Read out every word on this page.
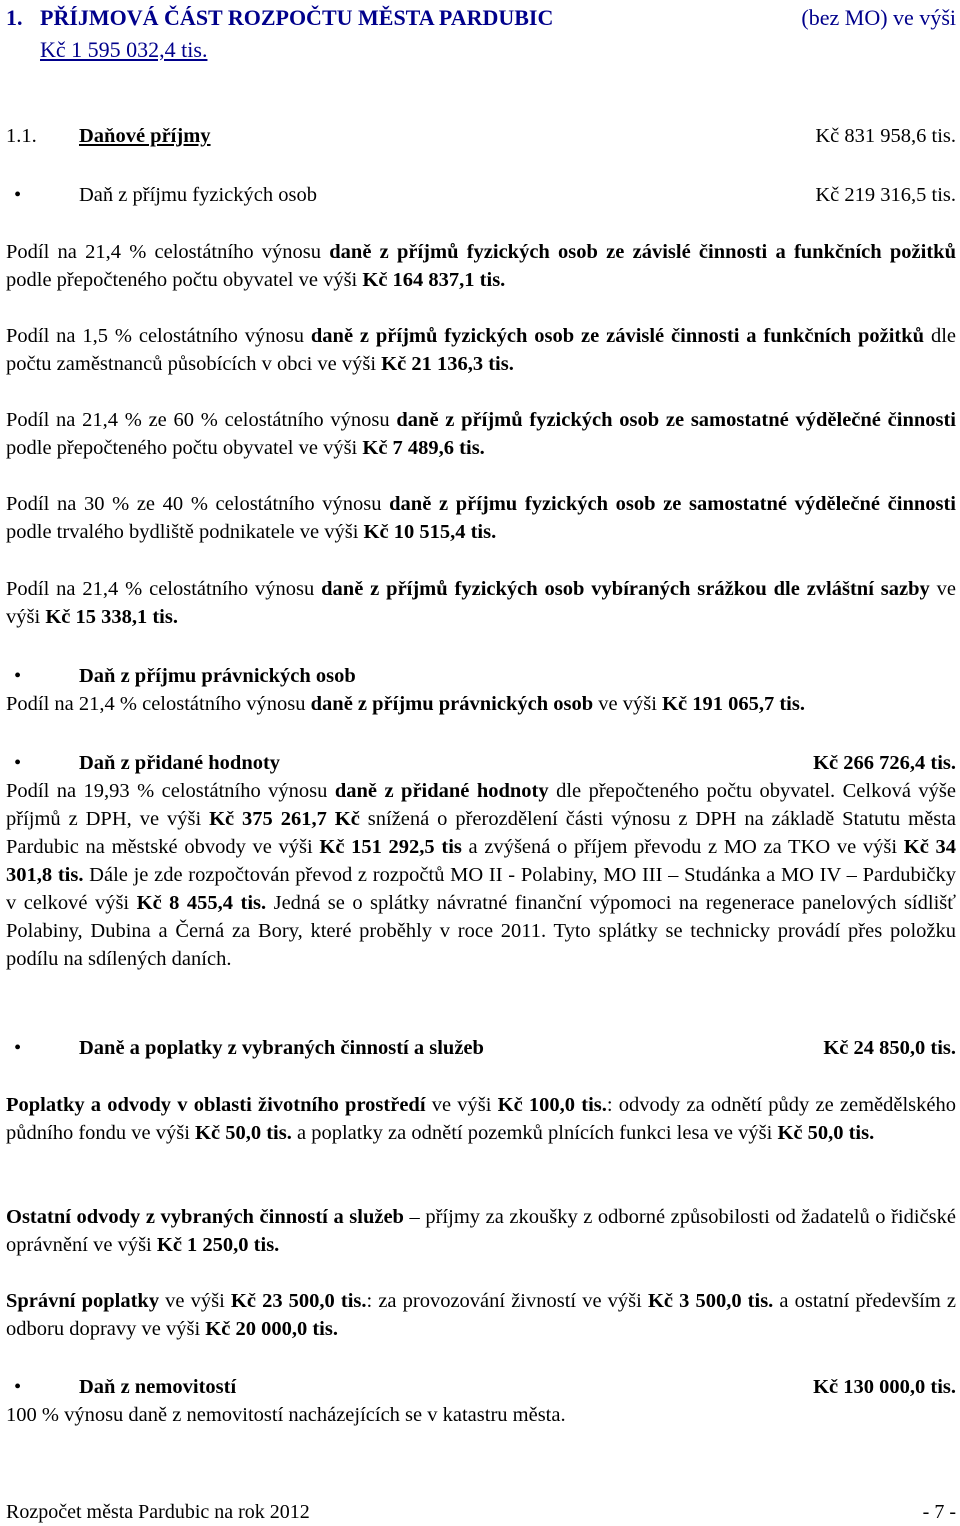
1. PŘÍJMOVÁ ČÁST ROZPOČTU MĚSTA PARDUBIC	(bez MO) ve výši
Kč 1 595 032,4 tis.
1.1.	Daňové příjmy	Kč 831 958,6 tis.
•	Daň z příjmu fyzických osob	Kč 219 316,5 tis.
Podíl na 21,4 % celostátního výnosu daně z příjmů fyzických osob ze závislé činnosti a funkčních požitků podle přepočteného počtu obyvatel ve výši Kč 164 837,1 tis.
Podíl na 1,5 % celostátního výnosu daně z příjmů fyzických osob ze závislé činnosti a funkčních požitků dle počtu zaměstnanců působících v obci ve výši Kč 21 136,3 tis.
Podíl na 21,4 % ze 60 % celostátního výnosu daně z příjmů fyzických osob ze samostatné výdělečné činnosti podle přepočteného počtu obyvatel ve výši Kč 7 489,6 tis.
Podíl na 30 % ze 40 % celostátního výnosu daně z příjmu fyzických osob ze samostatné výdělečné činnosti podle trvalého bydliště podnikatele ve výši Kč 10 515,4 tis.
Podíl na 21,4 % celostátního výnosu daně z příjmů fyzických osob vybíraných srážkou dle zvláštní sazby ve výši Kč 15 338,1 tis.
•	Daň z příjmu právnických osob
Podíl na 21,4 % celostátního výnosu daně z příjmu právnických osob ve výši Kč 191 065,7 tis.
•	Daň z přidané hodnoty	Kč 266 726,4 tis.
Podíl na 19,93 % celostátního výnosu daně z přidané hodnoty dle přepočteného počtu obyvatel. Celková výše příjmů z DPH, ve výši Kč 375 261,7 Kč snížená o přerozdělení části výnosu z DPH na základě Statutu města Pardubic na městské obvody ve výši Kč 151 292,5 tis a zvýšená o příjem převodu z MO za TKO ve výši Kč 34 301,8 tis. Dále je zde rozpočtován převod z rozpočtů MO II - Polabiny, MO III – Studánka a MO IV – Pardubičky v celkové výši Kč 8 455,4 tis. Jedná se o splátky návratné finanční výpomoci na regenerace panelových sídlišť Polabiny, Dubina a Černá za Bory, které proběhly v roce 2011. Tyto splátky se technicky provádí přes položku podílu na sdílených daních.
•	Daně a poplatky z vybraných činností a služeb	Kč 24 850,0 tis.
Poplatky a odvody v oblasti životního prostředí ve výši Kč 100,0 tis.: odvody za odnětí půdy ze zemědělského půdního fondu ve výši Kč 50,0 tis. a poplatky za odnětí pozemků plnících funkci lesa ve výši Kč 50,0 tis.
Ostatní odvody z vybraných činností a služeb – příjmy za zkoušky z odborné způsobilosti od žadatelů o řidičské oprávnění ve výši Kč 1 250,0 tis.
Správní poplatky ve výši Kč 23 500,0 tis.: za provozování živností ve výši Kč 3 500,0 tis. a ostatní především z odboru dopravy ve výši Kč 20 000,0 tis.
•	Daň z nemovitostí	Kč 130 000,0 tis.
100 % výnosu daně z nemovitostí nacházejících se v katastru města.
Rozpočet města Pardubic na rok 2012	- 7 -
